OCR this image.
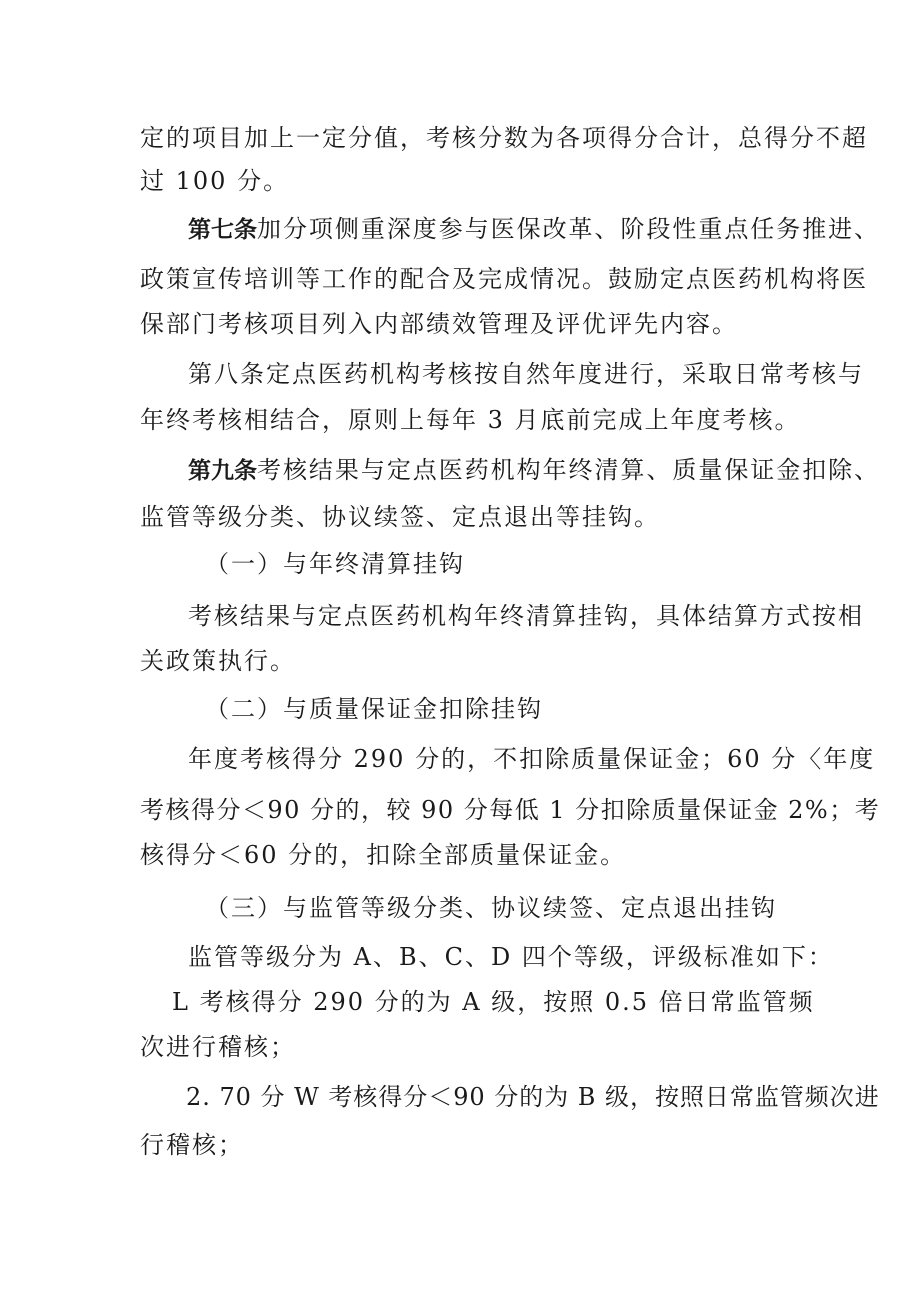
定的项目加上一定分值，考核分数为各项得分合计，总得分不超
过 100 分。
第七条加分项侧重深度参与医保改革、阶段性重点任务推进、
政策宣传培训等工作的配合及完成情况。鼓励定点医药机构将医
保部门考核项目列入内部绩效管理及评优评先内容。
第八条定点医药机构考核按自然年度进行，采取日常考核与
年终考核相结合，原则上每年 3 月底前完成上年度考核。
第九条考核结果与定点医药机构年终清算、质量保证金扣除、
监管等级分类、协议续签、定点退出等挂钩。
（一）与年终清算挂钩
考核结果与定点医药机构年终清算挂钩，具体结算方式按相
关政策执行。
（二）与质量保证金扣除挂钩
年度考核得分 290 分的，不扣除质量保证金；60 分〈年度
考核得分＜90 分的，较 90 分每低 1 分扣除质量保证金 2%；考
核得分＜60 分的，扣除全部质量保证金。
（三）与监管等级分类、协议续签、定点退出挂钩
监管等级分为 A、B、C、D 四个等级，评级标准如下：
L 考核得分 290 分的为 A 级，按照 0.5 倍日常监管频
次进行稽核；
2. 70 分 W 考核得分＜90 分的为 B 级，按照日常监管频次进
行稽核；
